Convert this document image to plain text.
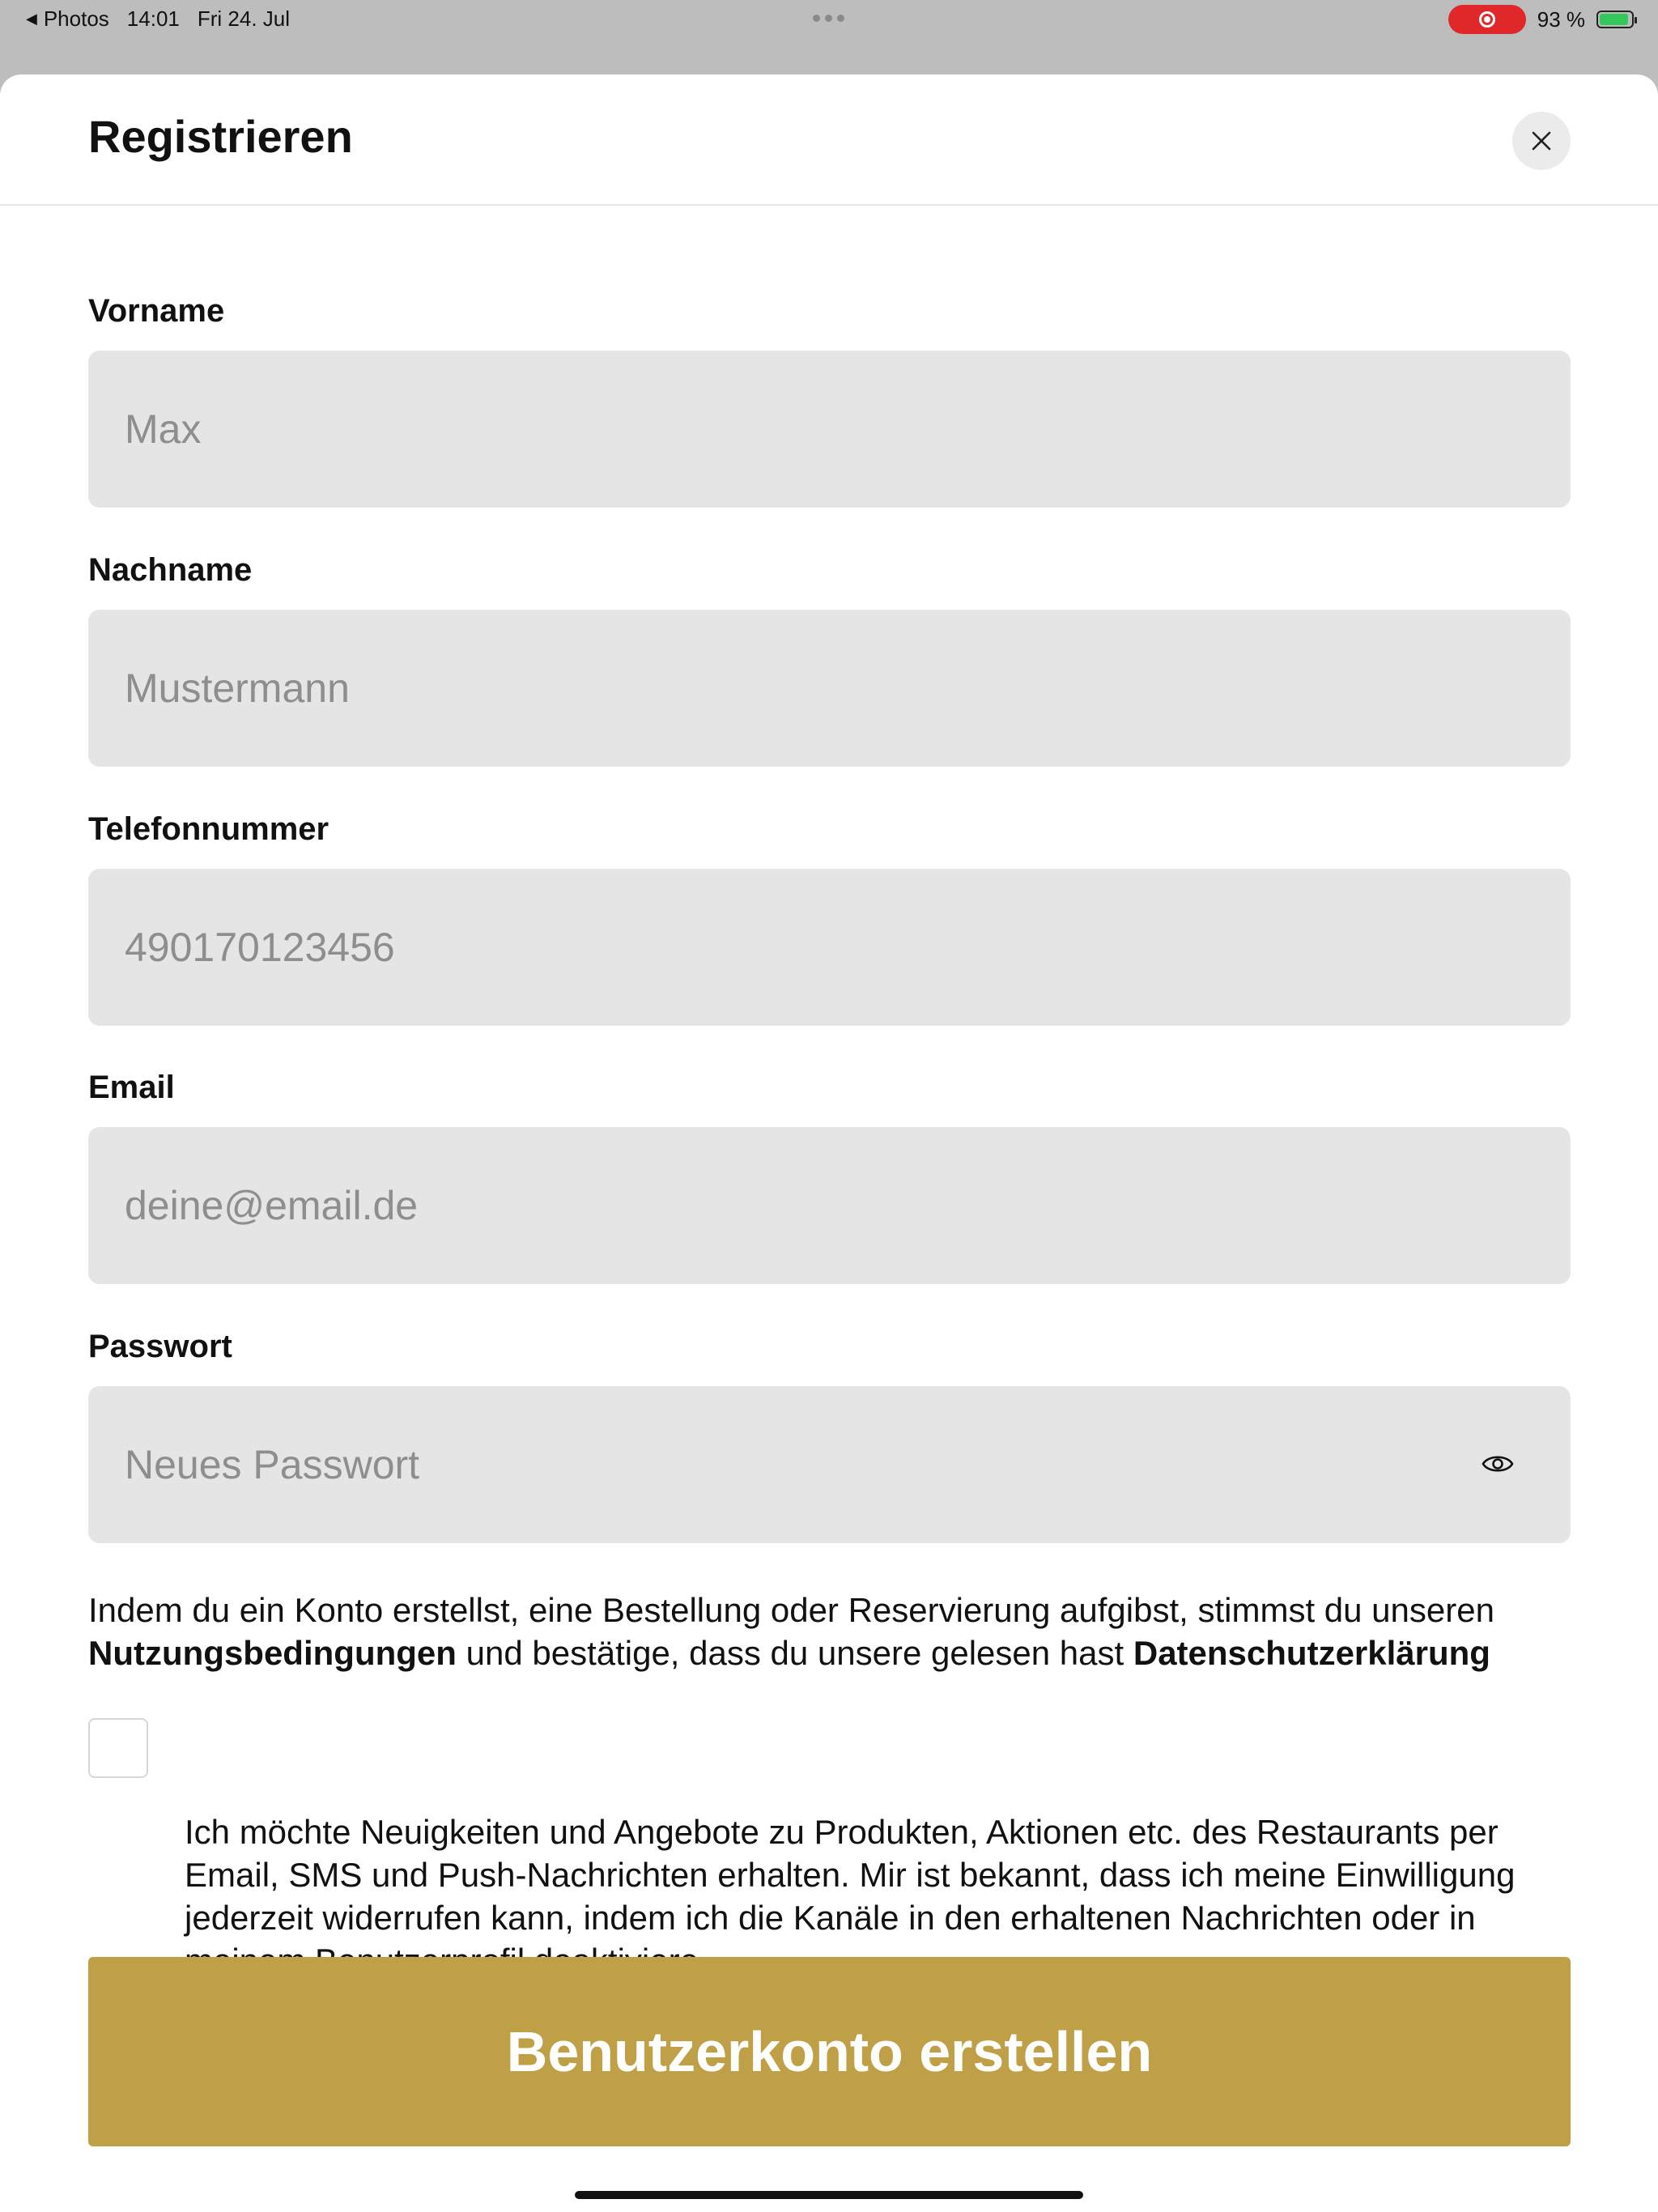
◀ Photos 14:01 Fri 24. Jul	93 %
Registrieren
Vorname
Max
Nachname
Mustermann
Telefonnummer
490170123456
Email
deine@email.de
Passwort

Indem du ein Konto erstellst, eine Bestellung oder Reservierung aufgibst, stimmst du unseren Nutzungsbedingungen und bestätige, dass du unsere gelesen hast Datenschutzerklärung

Ich möchte Neuigkeiten und Angebote zu Produkten, Aktionen etc. des Restaurants per Email, SMS und Push-Nachrichten erhalten. Mir ist bekannt, dass ich meine Einwilligung jederzeit widerrufen kann, indem ich die Kanäle in den erhaltenen Nachrichten oder in

Benutzerkonto erstellen
